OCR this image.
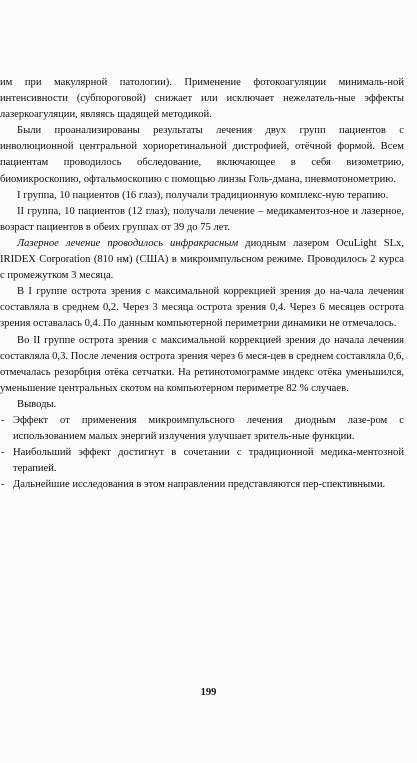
им при макулярной патологии). Применение фотокоагуляции минималь-ной интенсивности (субпороговой) снижает или исключает нежелатель-ные эффекты лазеркоагуляции, являясь щадящей методикой.

Были проанализированы результаты лечения двух групп пациентов с инволюционной центральной хориоретинальной дистрофией, отёчной формой. Всем пациентам проводилось обследование, включающее в себя визометрию, биомикроскопию, офтальмоскопию с помощью линзы Голь-дмана, пневмотонометрию.

I группа, 10 пациентов (16 глаз), получали традиционную комплекс-ную терапию.

II группа, 10 пациентов (12 глаз), получали лечение – медикаментоз-ное и лазерное, возраст пациентов в обеих группах от 39 до 75 лет.

Лазерное лечение проводилось инфракрасным диодным лазером OcuLight SLx, IRIDEX Corporation (810 нм) (США) в микроимпульсном режиме. Проводилось 2 курса с промежутком 3 месяца.

В I группе острота зрения с максимальной коррекцией зрения до на-чала лечения составляла в среднем 0,2. Через 3 месяца острота зрения 0,4. Через 6 месяцев острота зрения оставалась 0,4. По данным компьютерной периметрии динамики не отмечалось.

Во II группе острота зрения с максимальной коррекцией зрения до начала лечения составляла 0,3. После лечения острота зрения через 6 меся-цев в среднем составляла 0,6, отмечалась резорбция отёка сетчатки. На ретинотомограмме индекс отёка уменьшился, уменьшение центральных скотом на компьютерном периметре 82 % случаев.

Выводы.

- Эффект от применения микроимпульсного лечения диодным лазе-ром с использованием малых энергий излучения улучшает зритель-ные функции.
- Наибольший эффект достигнут в сочетании с традиционной медика-ментозной терапией.
- Дальнейшие исследования в этом направлении представляются пер-спективными.
199
